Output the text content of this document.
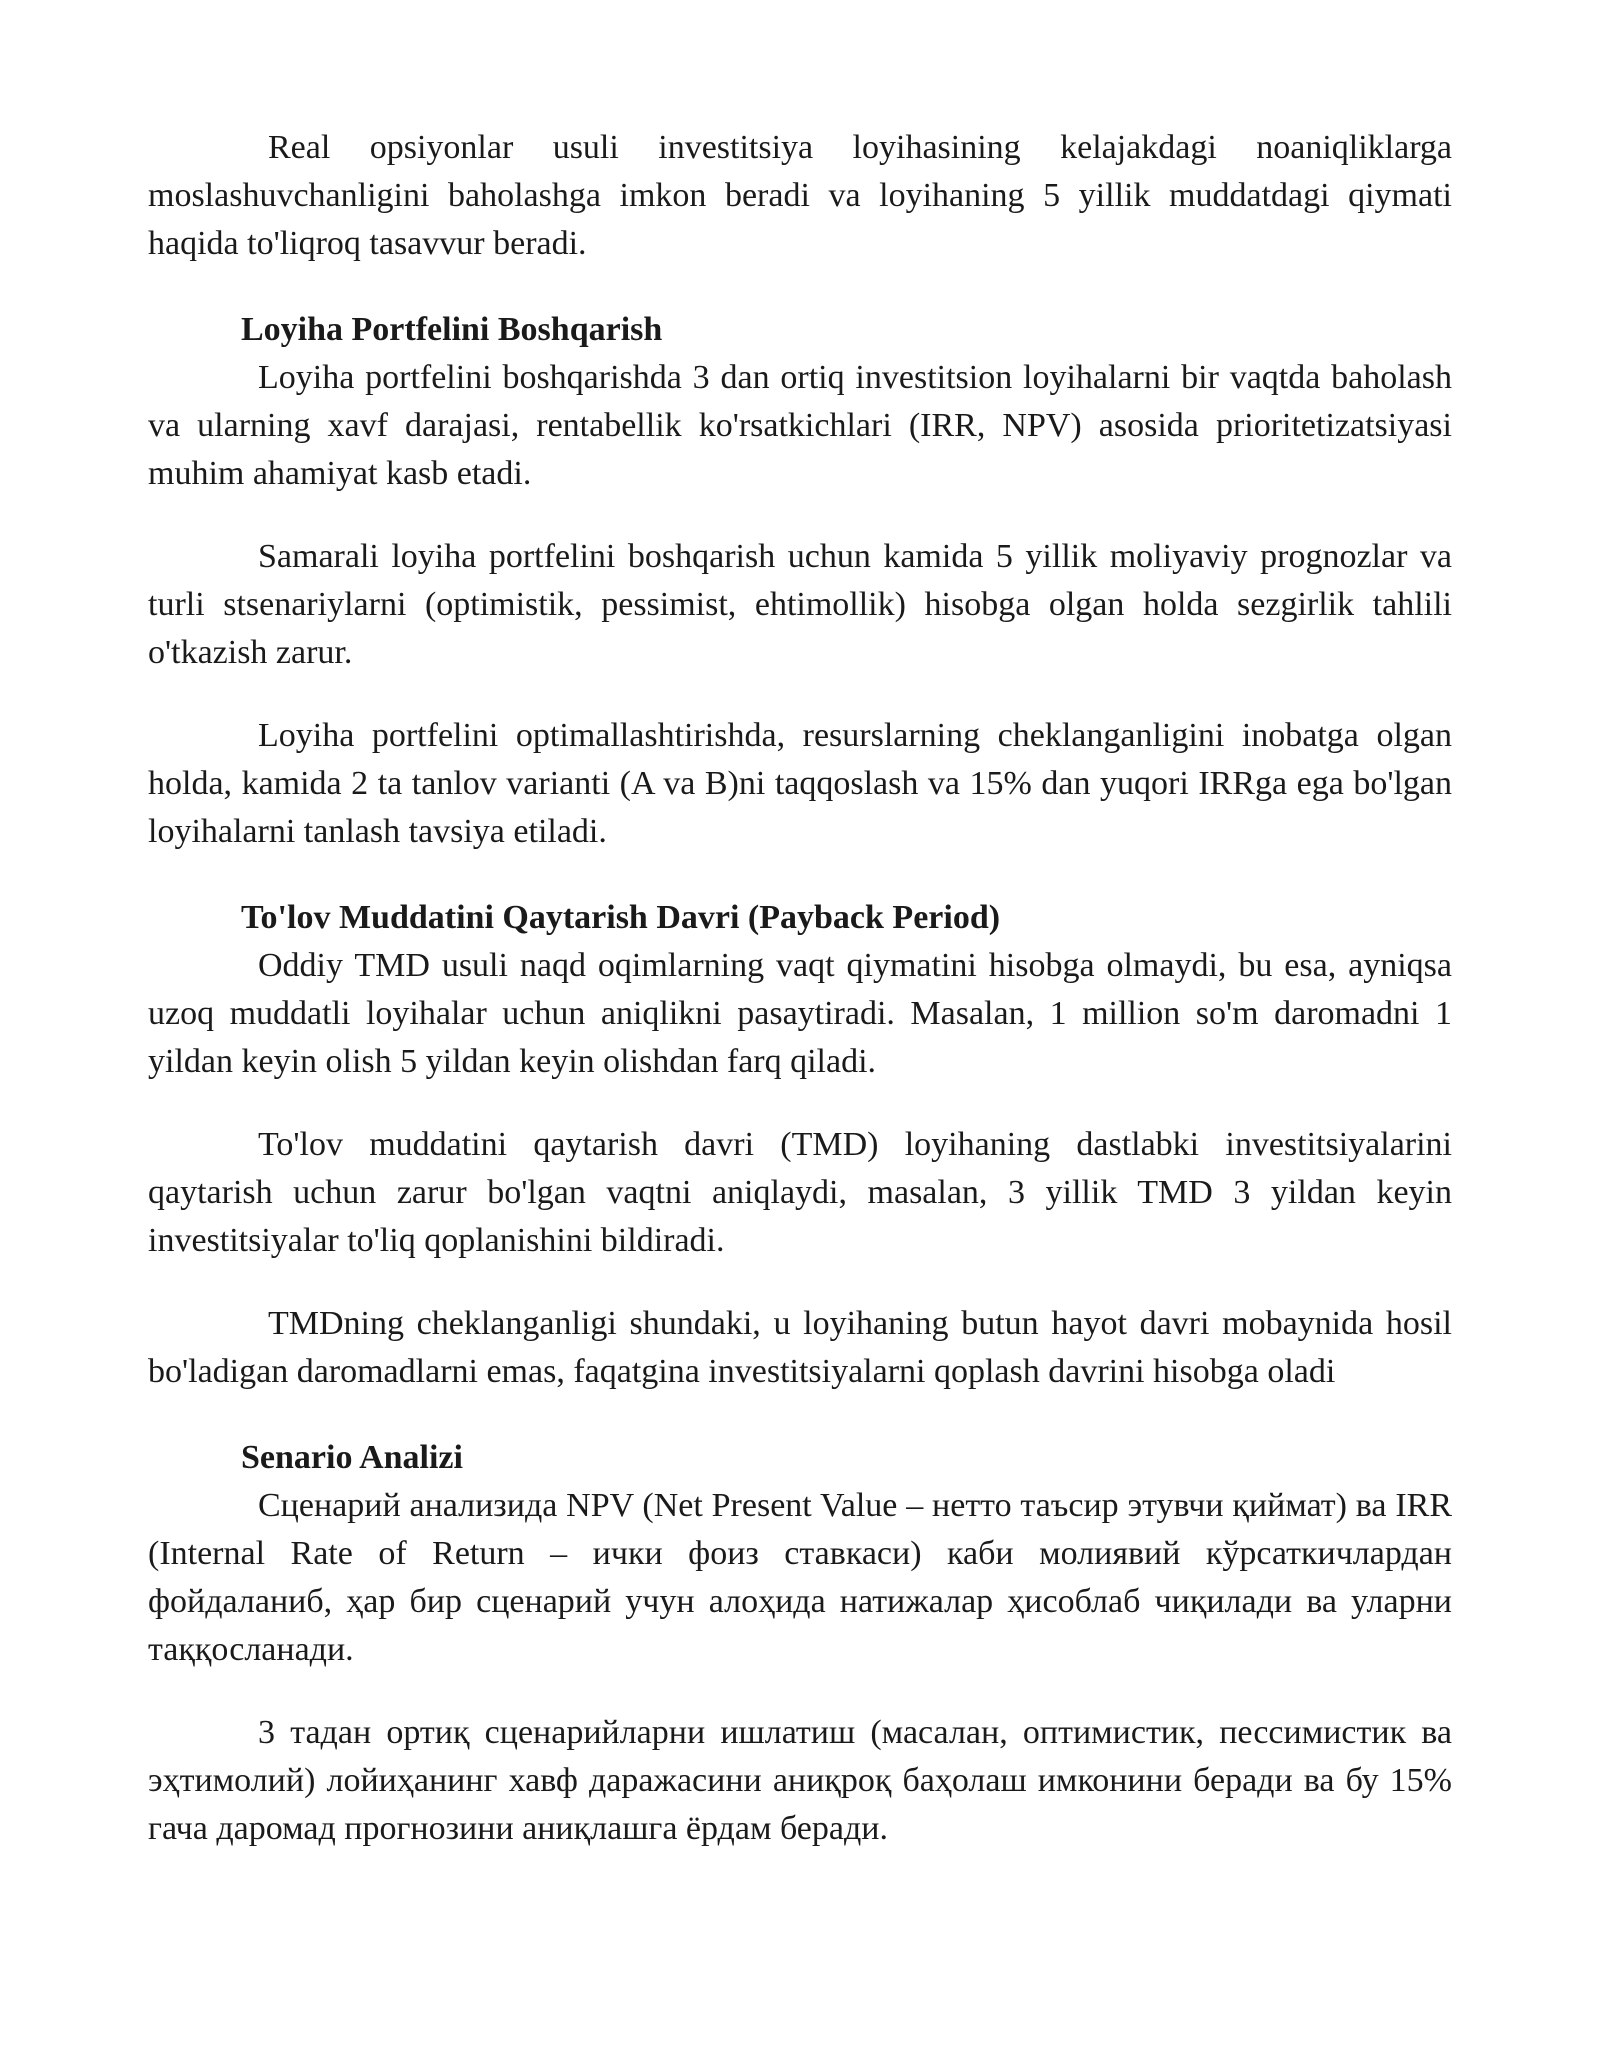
Real opsiyonlar usuli investitsiya loyihasining kelajakdagi noaniqliklarga moslashuvchanligini baholashga imkon beradi va loyihaning 5 yillik muddatdagi qiymati haqida to'liqroq tasavvur beradi.

Loyiha Portfelini Boshqarish

Loyiha portfelini boshqarishda 3 dan ortiq investitsion loyihalarni bir vaqtda baholash va ularning xavf darajasi, rentabellik ko'rsatkichlari (IRR, NPV) asosida prioritetizatsiyasi muhim ahamiyat kasb etadi.

Samarali loyiha portfelini boshqarish uchun kamida 5 yillik moliyaviy prognozlar va turli stsenariylarni (optimistik, pessimist, ehtimollik) hisobga olgan holda sezgirlik tahlili o'tkazish zarur.

Loyiha portfelini optimallashtirishda, resurslarning cheklanganligini inobatga olgan holda, kamida 2 ta tanlov varianti (A va B)ni taqqoslash va 15% dan yuqori IRRga ega bo'lgan loyihalarni tanlash tavsiya etiladi.

To'lov Muddatini Qaytarish Davri (Payback Period)

Oddiy TMD usuli naqd oqimlarning vaqt qiymatini hisobga olmaydi, bu esa, ayniqsa uzoq muddatli loyihalar uchun aniqlikni pasaytiradi. Masalan, 1 million so'm daromadni 1 yildan keyin olish 5 yildan keyin olishdan farq qiladi.

To'lov muddatini qaytarish davri (TMD) loyihaning dastlabki investitsiyalarini qaytarish uchun zarur bo'lgan vaqtni aniqlaydi, masalan, 3 yillik TMD 3 yildan keyin investitsiyalar to'liq qoplanishini bildiradi.

TMDning cheklanganligi shundaki, u loyihaning butun hayot davri mobaynida hosil bo'ladigan daromadlarni emas, faqatgina investitsiyalarni qoplash davrini hisobga oladi

Senario Analizi

Сценарий анализида NPV (Net Present Value – нетто таъсир этувчи қиймат) ва IRR (Internal Rate of Return – ички фоиз ставкаси) каби молиявий кўрсаткичлардан фойдаланиб, ҳар бир сценарий учун алоҳида натижалар ҳисоблаб чиқилади ва уларни таққосланади.

3 тадан ортиқ сценарийларни ишлатиш (масалан, оптимистик, пессимистик ва эҳтимолий) лойиҳанинг хавф даражасини аниқроқ баҳолаш имконини беради ва бу 15% гача даромад прогнозини аниқлашга ёрдам беради.
